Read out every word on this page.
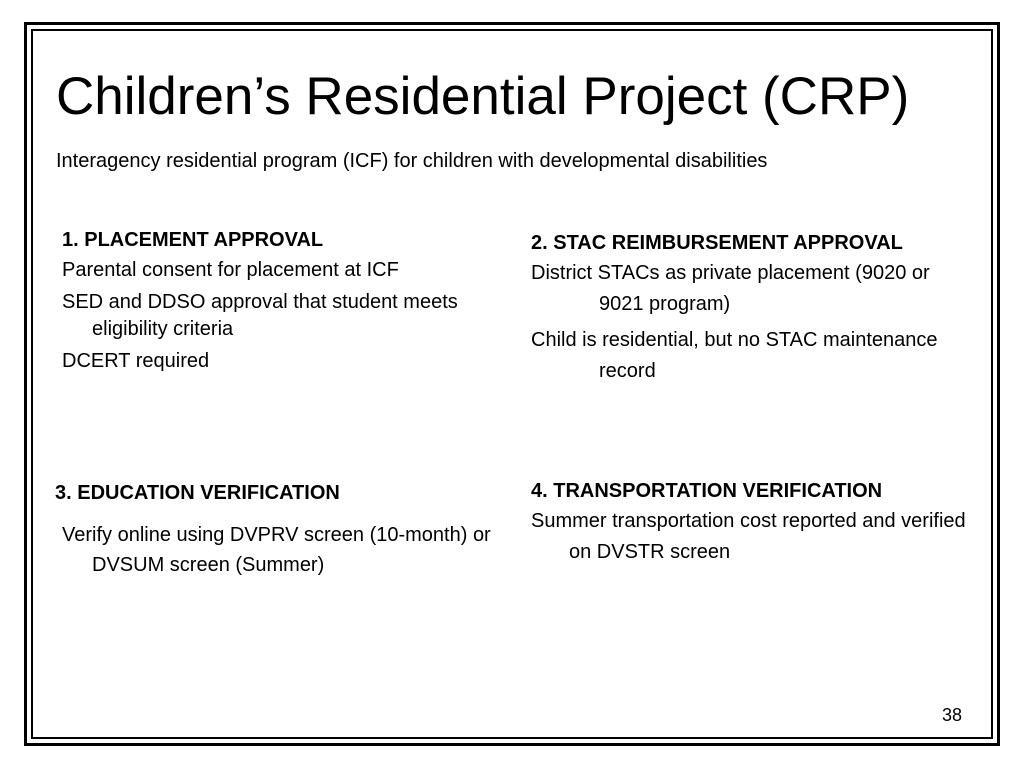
Children’s Residential Project (CRP)

Interagency residential program (ICF) for children with developmental disabilities

1. PLACEMENT APPROVAL

Parental consent for placement at ICF

SED and DDSO approval that student meets eligibility criteria

DCERT required

2. STAC REIMBURSEMENT APPROVAL

District STACs as private placement (9020 or 9021 program)

Child is residential, but no STAC maintenance record

3. EDUCATION VERIFICATION

Verify online using DVPRV screen (10-month) or DVSUM screen (Summer)

4. TRANSPORTATION VERIFICATION

Summer transportation cost reported and verified on DVSTR screen

38
